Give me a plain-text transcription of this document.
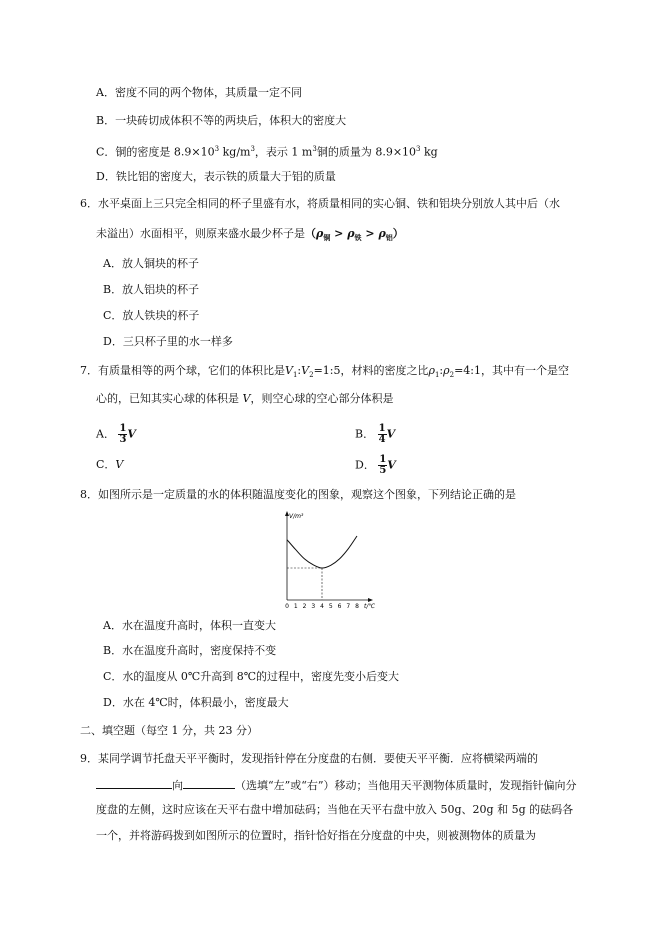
A．密度不同的两个物体，其质量一定不同
B．一块砖切成体积不等的两块后，体积大的密度大
C．铜的密度是 $8.9\times 10^3$ $kg/m^3$，表示 1 $m^3$铜的质量为 $8.9\times 10^3$ kg
D．铁比铝的密度大，表示铁的质量大于铝的质量
6．水平桌面上三只完全相同的杯子里盛有水，将质量相同的实心铜、铁和铝块分别放人其中后（水
未溢出）水面相平，则原来盛水最少杯子是$(\rho_铜 > \rho_铁 > \rho_铝)$
A．放人铜块的杯子
B．放人铝块的杯子
C．放人铁块的杯子
D．三只杯子里的水一样多
7．有质量相等的两个球，它们的体积比是$V_1:V_2=1:5$，材料的密度之比$\rho_1:\rho_2=4:1$，其中有一个是空
心的，已知其实心球的体积是 V，则空心球的空心部分体积是
A． $\frac{1}{3}$ V	B． $\frac{1}{4}$ V
C．V	D． $\frac{1}{5}$ V
8．如图所示是一定质量的水的体积随温度变化的图象，观察这个图象，下列结论正确的是
V/m³
t/℃
0 1 2 3 4 5 6 7 8
A．水在温度升高时，体积一直变大
B．水在温度升高时，密度保持不变
C．水的温度从 0℃升高到 8℃的过程中，密度先变小后变大
D．水在 4℃时，体积最小，密度最大
二、填空题（每空 1 分，共 23 分）
9．某同学调节托盘天平平衡时，发现指针停在分度盘的右侧．要使天平平衡．应将横梁两端的
向	（选填“左”或“右”）移动；当他用天平测物体质量时，发现指针偏向分
度盘的左侧，这时应该在天平右盘中增加砝码；当他在天平右盘中放入 50g、20g 和 5g 的砝码各
一个，并将游码拨到如图所示的位置时，指针恰好指在分度盘的中央，则被测物体的质量为
